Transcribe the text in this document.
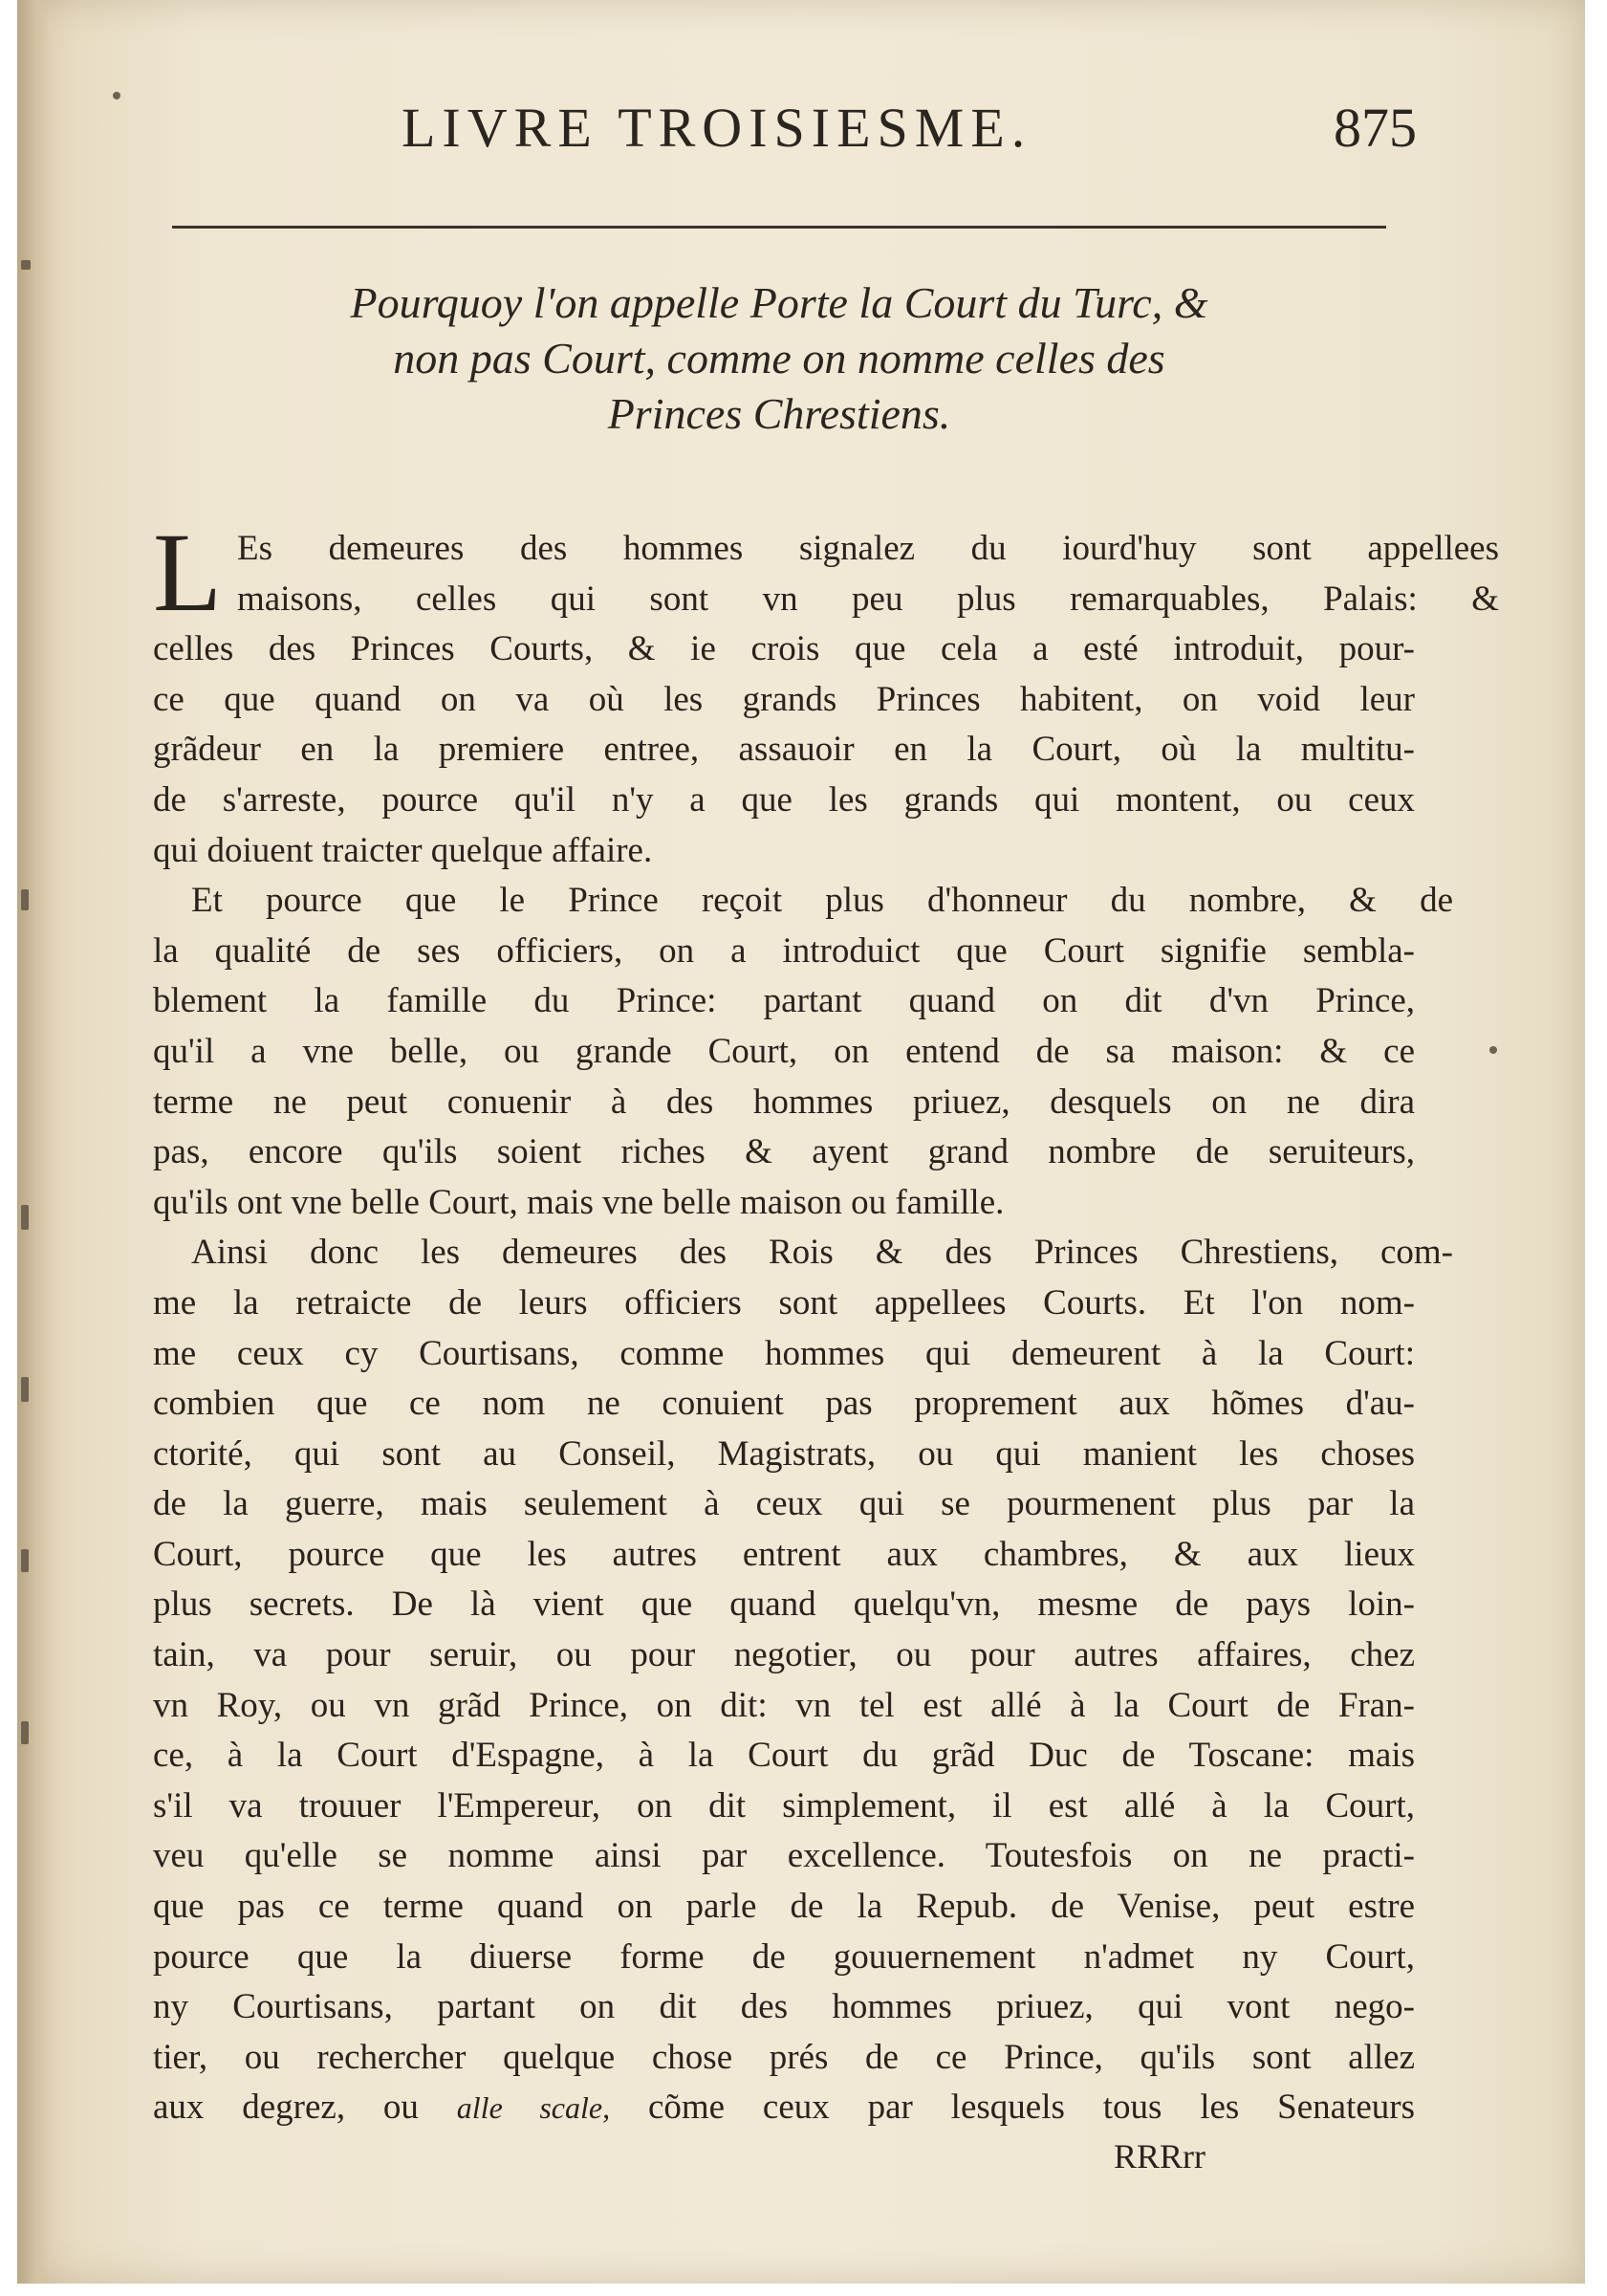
LIVRE TROISIESME.	875
Pourquoy l'on appelle Porte la Court du Turc, &
non pas Court, comme on nomme celles des
Princes Chrestiens.
L Es demeures des hommes signalez du iourd'huy sont appellees
maisons, celles qui sont vn peu plus remarquables, Palais: &
celles des Princes Courts, & ie crois que cela a esté introduit, pour-
ce que quand on va où les grands Princes habitent, on void leur
grãdeur en la premiere entree, assauoir en la Court, où la multitu-
de s'arreste, pource qu'il n'y a que les grands qui montent, ou ceux
qui doiuent traicter quelque affaire.
Et pource que le Prince reçoit plus d'honneur du nombre, & de
la qualité de ses officiers, on a introduict que Court signifie sembla-
blement la famille du Prince: partant quand on dit d'vn Prince,
qu'il a vne belle, ou grande Court, on entend de sa maison: & ce
terme ne peut conuenir à des hommes priuez, desquels on ne dira
pas, encore qu'ils soient riches & ayent grand nombre de seruiteurs,
qu'ils ont vne belle Court, mais vne belle maison ou famille.
Ainsi donc les demeures des Rois & des Princes Chrestiens, com-
me la retraicte de leurs officiers sont appellees Courts. Et l'on nom-
me ceux cy Courtisans, comme hommes qui demeurent à la Court:
combien que ce nom ne conuient pas proprement aux hõmes d'au-
ctorité, qui sont au Conseil, Magistrats, ou qui manient les choses
de la guerre, mais seulement à ceux qui se pourmenent plus par la
Court, pource que les autres entrent aux chambres, & aux lieux
plus secrets. De là vient que quand quelqu'vn, mesme de pays loin-
tain, va pour seruir, ou pour negotier, ou pour autres affaires, chez
vn Roy, ou vn grãd Prince, on dit: vn tel est allé à la Court de Fran-
ce, à la Court d'Espagne, à la Court du grãd Duc de Toscane: mais
s'il va trouuer l'Empereur, on dit simplement, il est allé à la Court,
veu qu'elle se nomme ainsi par excellence. Toutesfois on ne practi-
que pas ce terme quand on parle de la Repub. de Venise, peut estre
pource que la diuerse forme de gouuernement n'admet ny Court,
ny Courtisans, partant on dit des hommes priuez, qui vont nego-
tier, ou rechercher quelque chose prés de ce Prince, qu'ils sont allez
aux degrez, ou alle scale, cõme ceux par lesquels tous les Senateurs
RRRrr
